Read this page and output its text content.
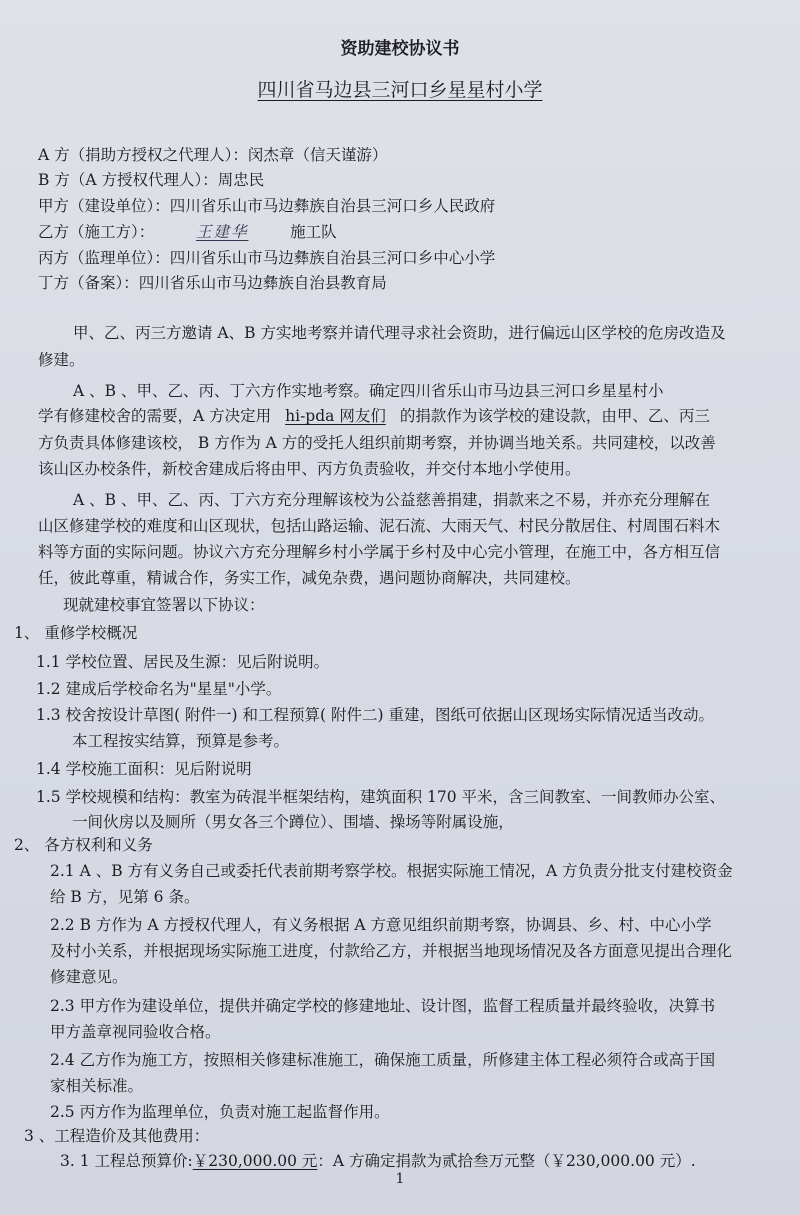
资助建校协议书
四川省马边县三河口乡星星村小学
A 方（捐助方授权之代理人）：闵杰章（信天谨游）
B 方（A 方授权代理人）：周忠民
甲方（建设单位）：四川省乐山市马边彝族自治县三河口乡人民政府
乙方（施工方）：	王建华	施工队
丙方（监理单位）：四川省乐山市马边彝族自治县三河口乡中心小学
丁方（备案）：四川省乐山市马边彝族自治县教育局
甲、乙、丙三方邀请 A、B 方实地考察并请代理寻求社会资助，进行偏远山区学校的危房改造及
修建。
A 、B 、甲、乙、丙、丁六方作实地考察。确定四川省乐山市马边县三河口乡星星村小
学有修建校舍的需要，A 方决定用 hi-pda 网友们 的捐款作为该学校的建设款，由甲、乙、丙三
方负责具体修建该校， B 方作为 A 方的受托人组织前期考察，并协调当地关系。共同建校，以改善
该山区办校条件，新校舍建成后将由甲、丙方负责验收，并交付本地小学使用。
A 、B 、甲、乙、丙、丁六方充分理解该校为公益慈善捐建，捐款来之不易，并亦充分理解在
山区修建学校的难度和山区现状，包括山路运输、泥石流、大雨天气、村民分散居住、村周围石料木
料等方面的实际问题。协议六方充分理解乡村小学属于乡村及中心完小管理，在施工中，各方相互信
任，彼此尊重，精诚合作，务实工作，减免杂费，遇问题协商解决，共同建校。
现就建校事宜签署以下协议：
1、 重修学校概况
1.1 学校位置、居民及生源：见后附说明。
1.2 建成后学校命名为"星星"小学。
1.3 校舍按设计草图( 附件一) 和工程预算( 附件二) 重建，图纸可依据山区现场实际情况适当改动。
本工程按实结算，预算是参考。
1.4 学校施工面积：见后附说明
1.5 学校规模和结构：教室为砖混半框架结构，建筑面积 170 平米，含三间教室、一间教师办公室、
一间伙房以及厕所（男女各三个蹲位）、围墙、操场等附属设施，
2、 各方权利和义务
2.1 A 、B 方有义务自己或委托代表前期考察学校。根据实际施工情况，A 方负责分批支付建校资金
给 B 方，见第 6 条。
2.2 B 方作为 A 方授权代理人，有义务根据 A 方意见组织前期考察，协调县、乡、村、中心小学
及村小关系，并根据现场实际施工进度，付款给乙方，并根据当地现场情况及各方面意见提出合理化
修建意见。
2.3 甲方作为建设单位，提供并确定学校的修建地址、设计图，监督工程质量并最终验收，决算书
甲方盖章视同验收合格。
2.4 乙方作为施工方，按照相关修建标准施工，确保施工质量，所修建主体工程必须符合或高于国
家相关标准。
2.5 丙方作为监理单位，负责对施工起监督作用。
3 、工程造价及其他费用：
3. 1 工程总预算价:￥230,000.00 元：A 方确定捐款为贰拾叁万元整（￥230,000.00 元）.
1
